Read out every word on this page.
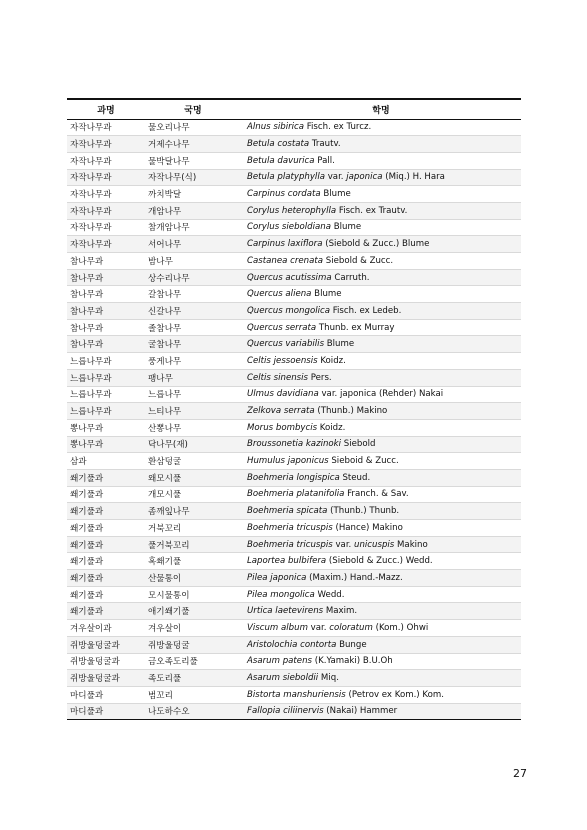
과명	국명	학명
자작나무과	물오리나무	Alnus sibirica Fisch. ex Turcz.
자작나무과	거제수나무	Betula costata Trautv.
자작나무과	물박달나무	Betula davurica Pall.
자작나무과	자작나무(식)	Betula platyphylla var. japonica (Miq.) H. Hara
자작나무과	까치박달	Carpinus cordata Blume
자작나무과	개암나무	Corylus heterophylla Fisch. ex Trautv.
자작나무과	참개암나무	Corylus sieboldiana Blume
자작나무과	서어나무	Carpinus laxiflora (Siebold & Zucc.) Blume
참나무과	밤나무	Castanea crenata Siebold & Zucc.
참나무과	상수리나무	Quercus acutissima Carruth.
참나무과	갈참나무	Quercus aliena Blume
참나무과	신갈나무	Quercus mongolica Fisch. ex Ledeb.
참나무과	졸참나무	Quercus serrata Thunb. ex Murray
참나무과	굴참나무	Quercus variabilis Blume
느릅나무과	풍게나무	Celtis jessoensis Koidz.
느릅나무과	팽나무	Celtis sinensis Pers.
느릅나무과	느릅나무	Ulmus davidiana var. japonica (Rehder) Nakai
느릅나무과	느티나무	Zelkova serrata (Thunb.) Makino
뽕나무과	산뽕나무	Morus bombycis Koidz.
뽕나무과	닥나무(재)	Broussonetia kazinoki Siebold
삼과	환삼덩굴	Humulus japonicus Sieboid & Zucc.
쐐기풀과	왜모시풀	Boehmeria longispica Steud.
쐐기풀과	개모시풀	Boehmeria platanifolia Franch. & Sav.
쐐기풀과	좀깨잎나무	Boehmeria spicata (Thunb.) Thunb.
쐐기풀과	거북꼬리	Boehmeria tricuspis (Hance) Makino
쐐기풀과	풀거북꼬리	Boehmeria tricuspis var. unicuspis Makino
쐐기풀과	혹쐐기풀	Laportea bulbifera (Siebold & Zucc.) Wedd.
쐐기풀과	산물통이	Pilea japonica (Maxim.) Hand.-Mazz.
쐐기풀과	모시물통이	Pilea mongolica Wedd.
쐐기풀과	애기쐐기풀	Urtica laetevirens Maxim.
겨우살이과	겨우살이	Viscum album var. coloratum (Kom.) Ohwi
쥐방울덩굴과	쥐방울덩굴	Aristolochia contorta Bunge
쥐방울덩굴과	금오족도리풀	Asarum patens (K.Yamaki) B.U.Oh
쥐방울덩굴과	족도리풀	Asarum sieboldii Miq.
마디풀과	범꼬리	Bistorta manshuriensis (Petrov ex Kom.) Kom.
마디풀과	나도하수오	Fallopia ciliinervis (Nakai) Hammer
27
